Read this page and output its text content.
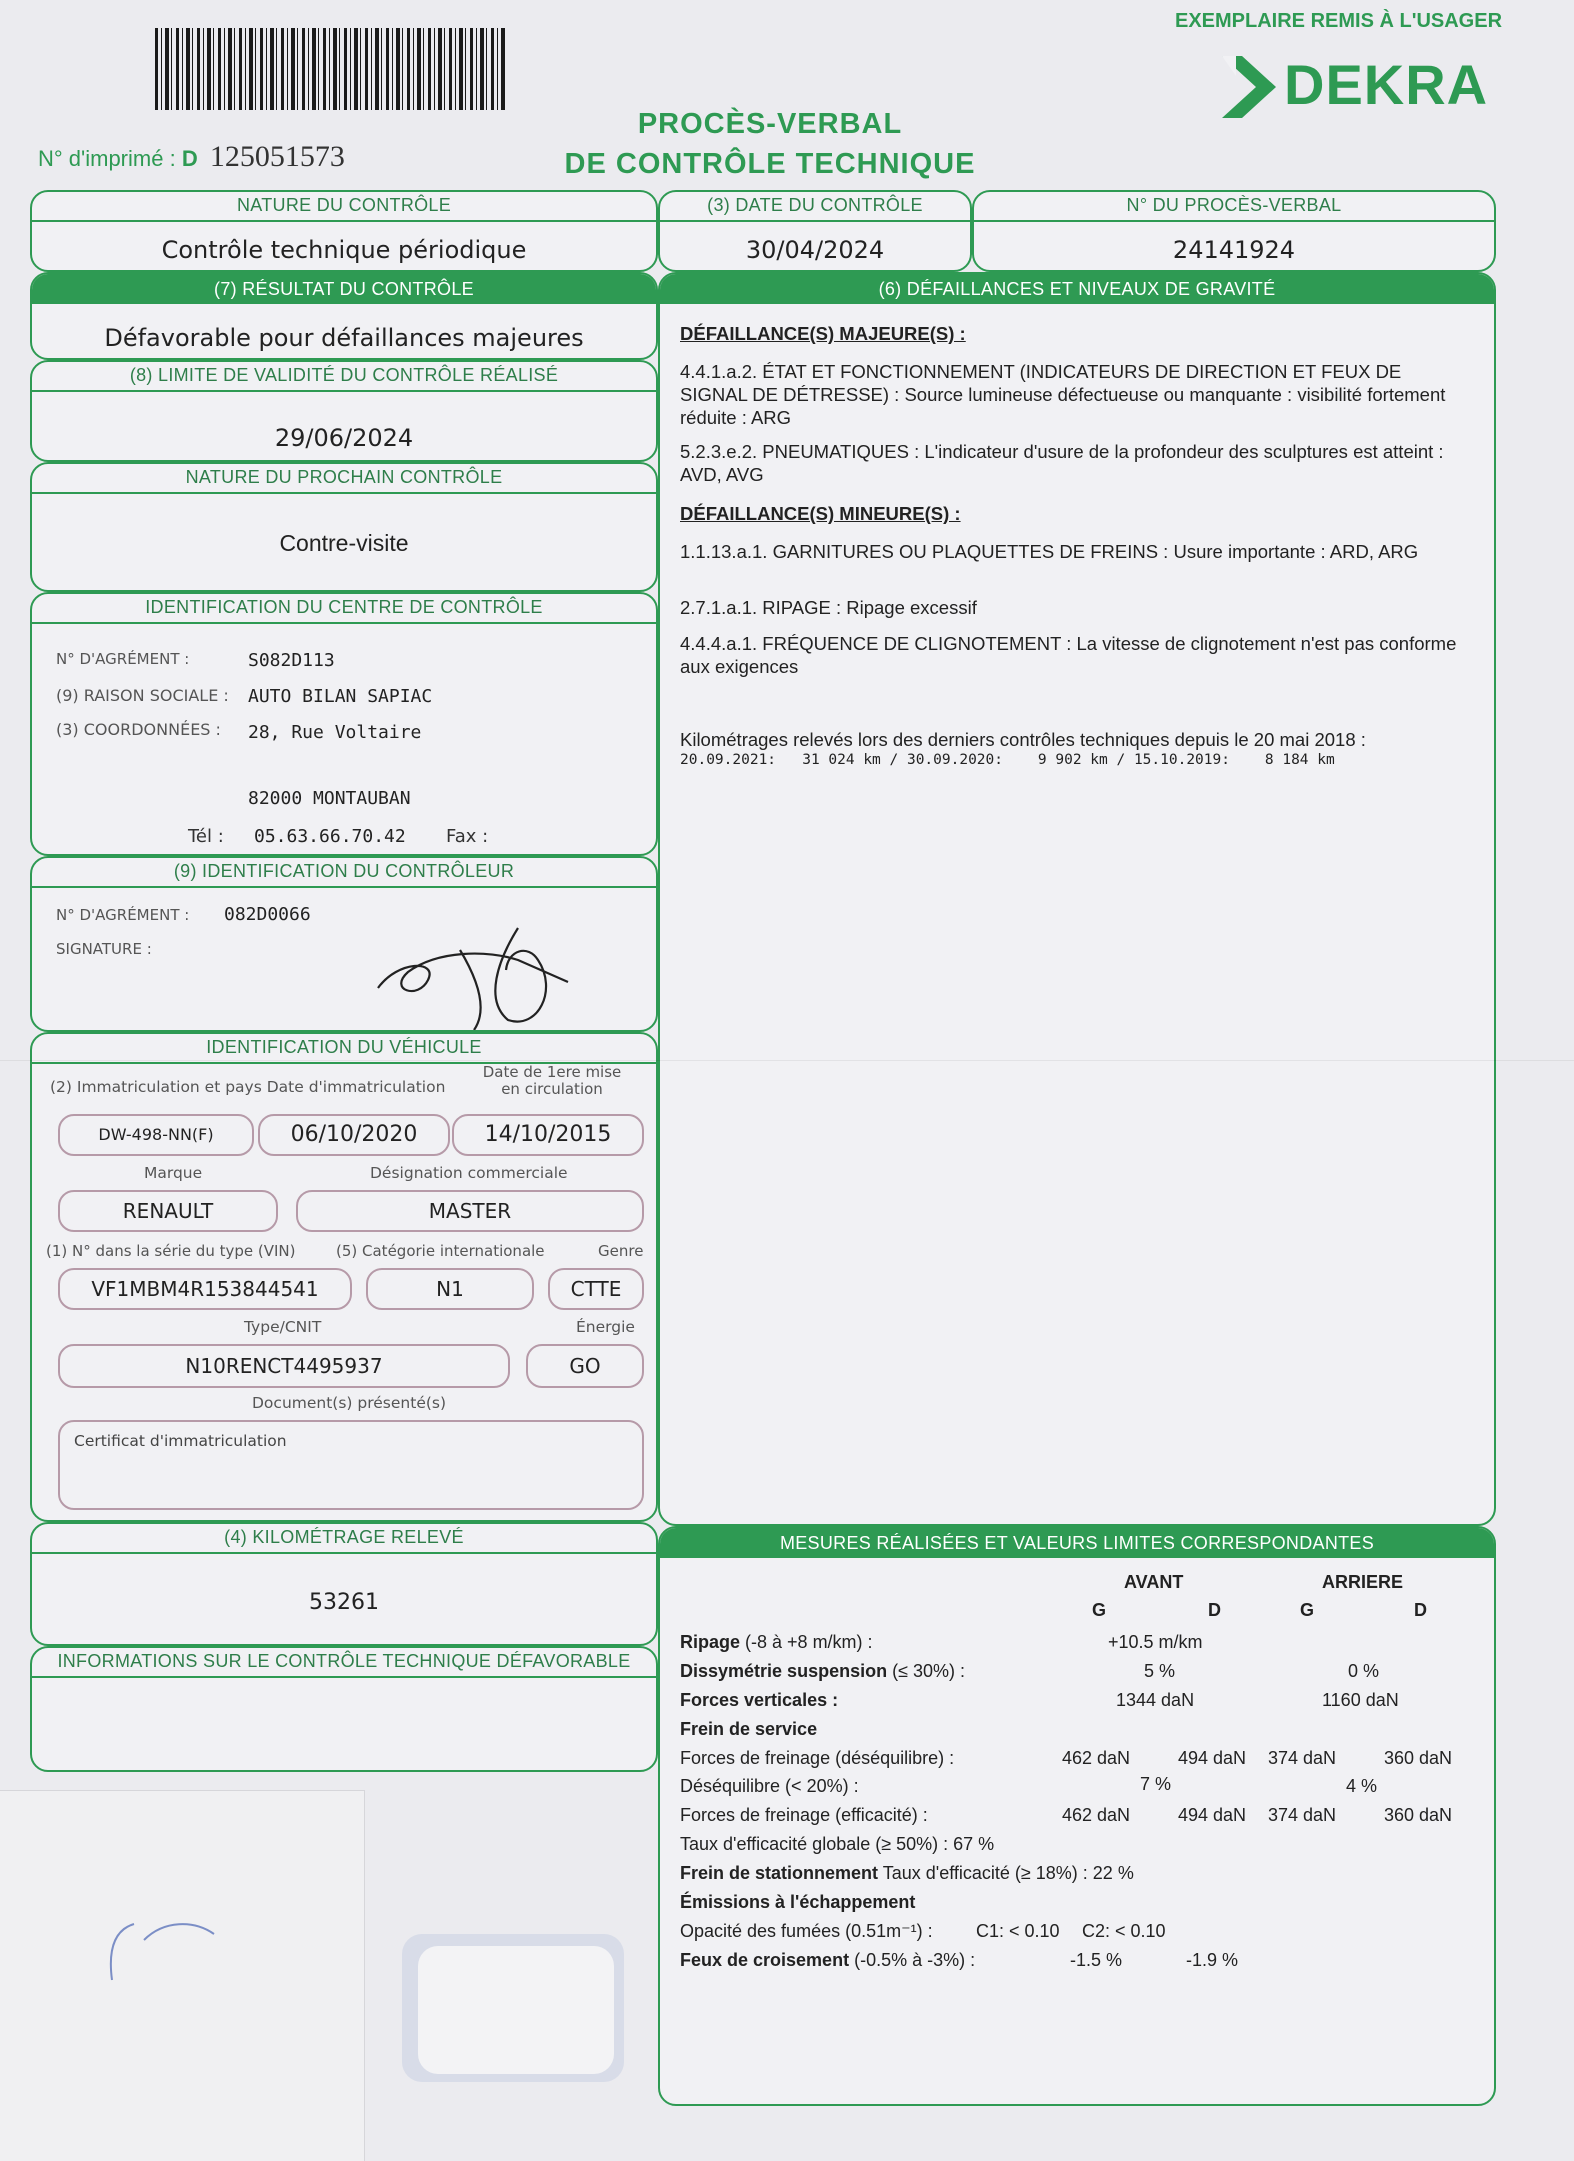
N° d'imprimé : D 125051573
EXEMPLAIRE REMIS À L'USAGER
DEKRA
PROCÈS-VERBAL
DE CONTRÔLE TECHNIQUE
NATURE DU CONTRÔLE
Contrôle technique périodique
(3) DATE DU CONTRÔLE
30/04/2024
N° DU PROCÈS-VERBAL
24141924
(7) RÉSULTAT DU CONTRÔLE
Défavorable pour défaillances majeures
(8) LIMITE DE VALIDITÉ DU CONTRÔLE RÉALISÉ
29/06/2024
NATURE DU PROCHAIN CONTRÔLE
Contre-visite
IDENTIFICATION DU CENTRE DE CONTRÔLE
N° D'AGRÉMENT :	S082D113
(9) RAISON SOCIALE : AUTO BILAN SAPIAC
(3) COORDONNÉES : 28, Rue Voltaire
82000 MONTAUBAN
Tél : 05.63.66.70.42 Fax :
(9) IDENTIFICATION DU CONTRÔLEUR
N° D'AGRÉMENT : 082D0066
SIGNATURE :
IDENTIFICATION DU VÉHICULE
(2) Immatriculation et pays Date d'immatriculation
Date de 1ere mise
en circulation
DW-498-NN(F)	06/10/2020	14/10/2015
Marque	Désignation commerciale
RENAULT	MASTER
(1) N° dans la série du type (VIN)	(5) Catégorie internationale	Genre
VF1MBM4R153844541	N1	CTTE
Type/CNIT	Énergie
N10RENCT4495937	GO
Document(s) présenté(s)
Certificat d'immatriculation
(4) KILOMÉTRAGE RELEVÉ
53261
INFORMATIONS SUR LE CONTRÔLE TECHNIQUE DÉFAVORABLE
(6) DÉFAILLANCES ET NIVEAUX DE GRAVITÉ
DÉFAILLANCE(S) MAJEURE(S) :
4.4.1.a.2. ÉTAT ET FONCTIONNEMENT (INDICATEURS DE DIRECTION ET FEUX DE SIGNAL DE DÉTRESSE) : Source lumineuse défectueuse ou manquante : visibilité fortement réduite : ARG
5.2.3.e.2. PNEUMATIQUES : L'indicateur d'usure de la profondeur des sculptures est atteint : AVD, AVG
DÉFAILLANCE(S) MINEURE(S) :
1.1.13.a.1. GARNITURES OU PLAQUETTES DE FREINS : Usure importante : ARD, ARG
2.7.1.a.1. RIPAGE : Ripage excessif
4.4.4.a.1. FRÉQUENCE DE CLIGNOTEMENT : La vitesse de clignotement n'est pas conforme aux exigences
Kilométrages relevés lors des derniers contrôles techniques depuis le 20 mai 2018 :
20.09.2021:   31 024 km / 30.09.2020:    9 902 km / 15.10.2019:    8 184 km
MESURES RÉALISÉES ET VALEURS LIMITES CORRESPONDANTES
AVANT	ARRIERE
G	D	G	D
Ripage (-8 à +8 m/km) :	+10.5 m/km
Dissymétrie suspension (≤ 30%) :	5 %	0 %
Forces verticales :	1344 daN	1160 daN
Frein de service
Forces de freinage (déséquilibre) :	462 daN	494 daN 374 daN	360 daN
Déséquilibre (< 20%) :	7 %	4 %
Forces de freinage (efficacité) :	462 daN	494 daN 374 daN	360 daN
Taux d'efficacité globale (≥ 50%) : 67 %
Frein de stationnement Taux d'efficacité (≥ 18%) : 22 %
Émissions à l'échappement
Opacité des fumées (0.51m⁻¹) : C1: < 0.10 C2: < 0.10
Feux de croisement (-0.5% à -3%) :	-1.5 %	-1.9 %
